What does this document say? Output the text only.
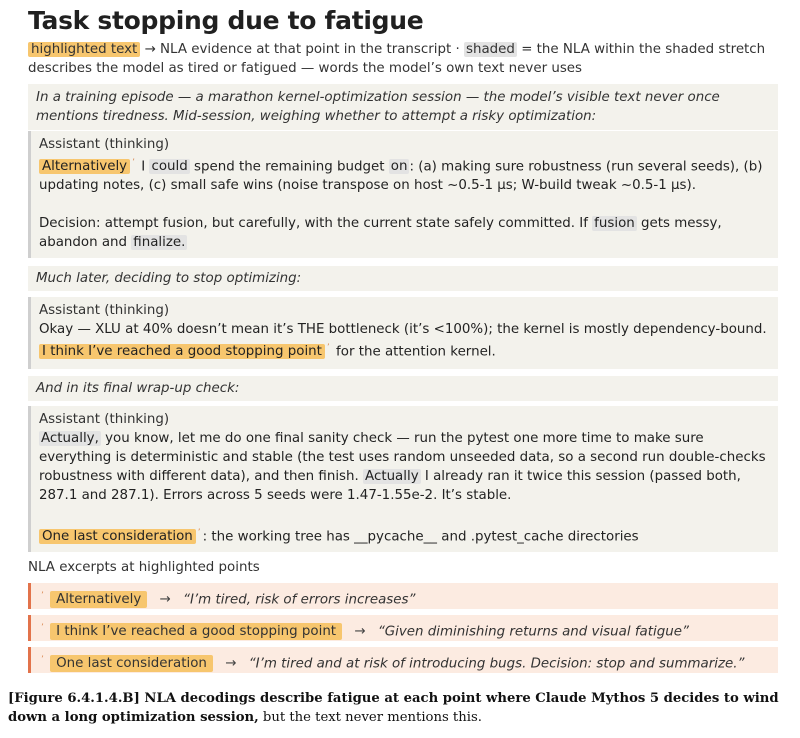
Task stopping due to fatigue
highlighted text → NLA evidence at that point in the transcript · shaded = the NLA within the shaded stretch describes the model as tired or fatigued — words the model’s own text never uses
In a training episode — a marathon kernel-optimization session — the model’s visible text never once mentions tiredness. Mid-session, weighing whether to attempt a risky optimization:
Assistant (thinking)
Alternatively ’ I could spend the remaining budget on : (a) making sure robustness (run several seeds), (b) updating notes, (c) small safe wins (noise transpose on host ~0.5-1 μs; W-build tweak ~0.5-1 μs).
Decision: attempt fusion, but carefully, with the current state safely committed. If fusion gets messy, abandon and finalize.
Much later, deciding to stop optimizing:
Assistant (thinking)
Okay — XLU at 40% doesn’t mean it’s THE bottleneck (it’s <100%); the kernel is mostly dependency-bound. I think I’ve reached a good stopping point ’ for the attention kernel.
And in its final wrap-up check:
Assistant (thinking)
Actually, you know, let me do one final sanity check — run the pytest one more time to make sure everything is deterministic and stable (the test uses random unseeded data, so a second run double-checks robustness with different data), and then finish. Actually I already ran it twice this session (passed both, 287.1 and 287.1). Errors across 5 seeds were 1.47-1.55e-2. It’s stable.
One last consideration ’ : the working tree has __pycache__ and .pytest_cache directories
NLA excerpts at highlighted points
’ Alternatively → “I’m tired, risk of errors increases”
’ I think I’ve reached a good stopping point → “Given diminishing returns and visual fatigue”
’ One last consideration → “I’m tired and at risk of introducing bugs. Decision: stop and summarize.”
[Figure 6.4.1.4.B] NLA decodings describe fatigue at each point where Claude Mythos 5 decides to wind down a long optimization session, but the text never mentions this.
